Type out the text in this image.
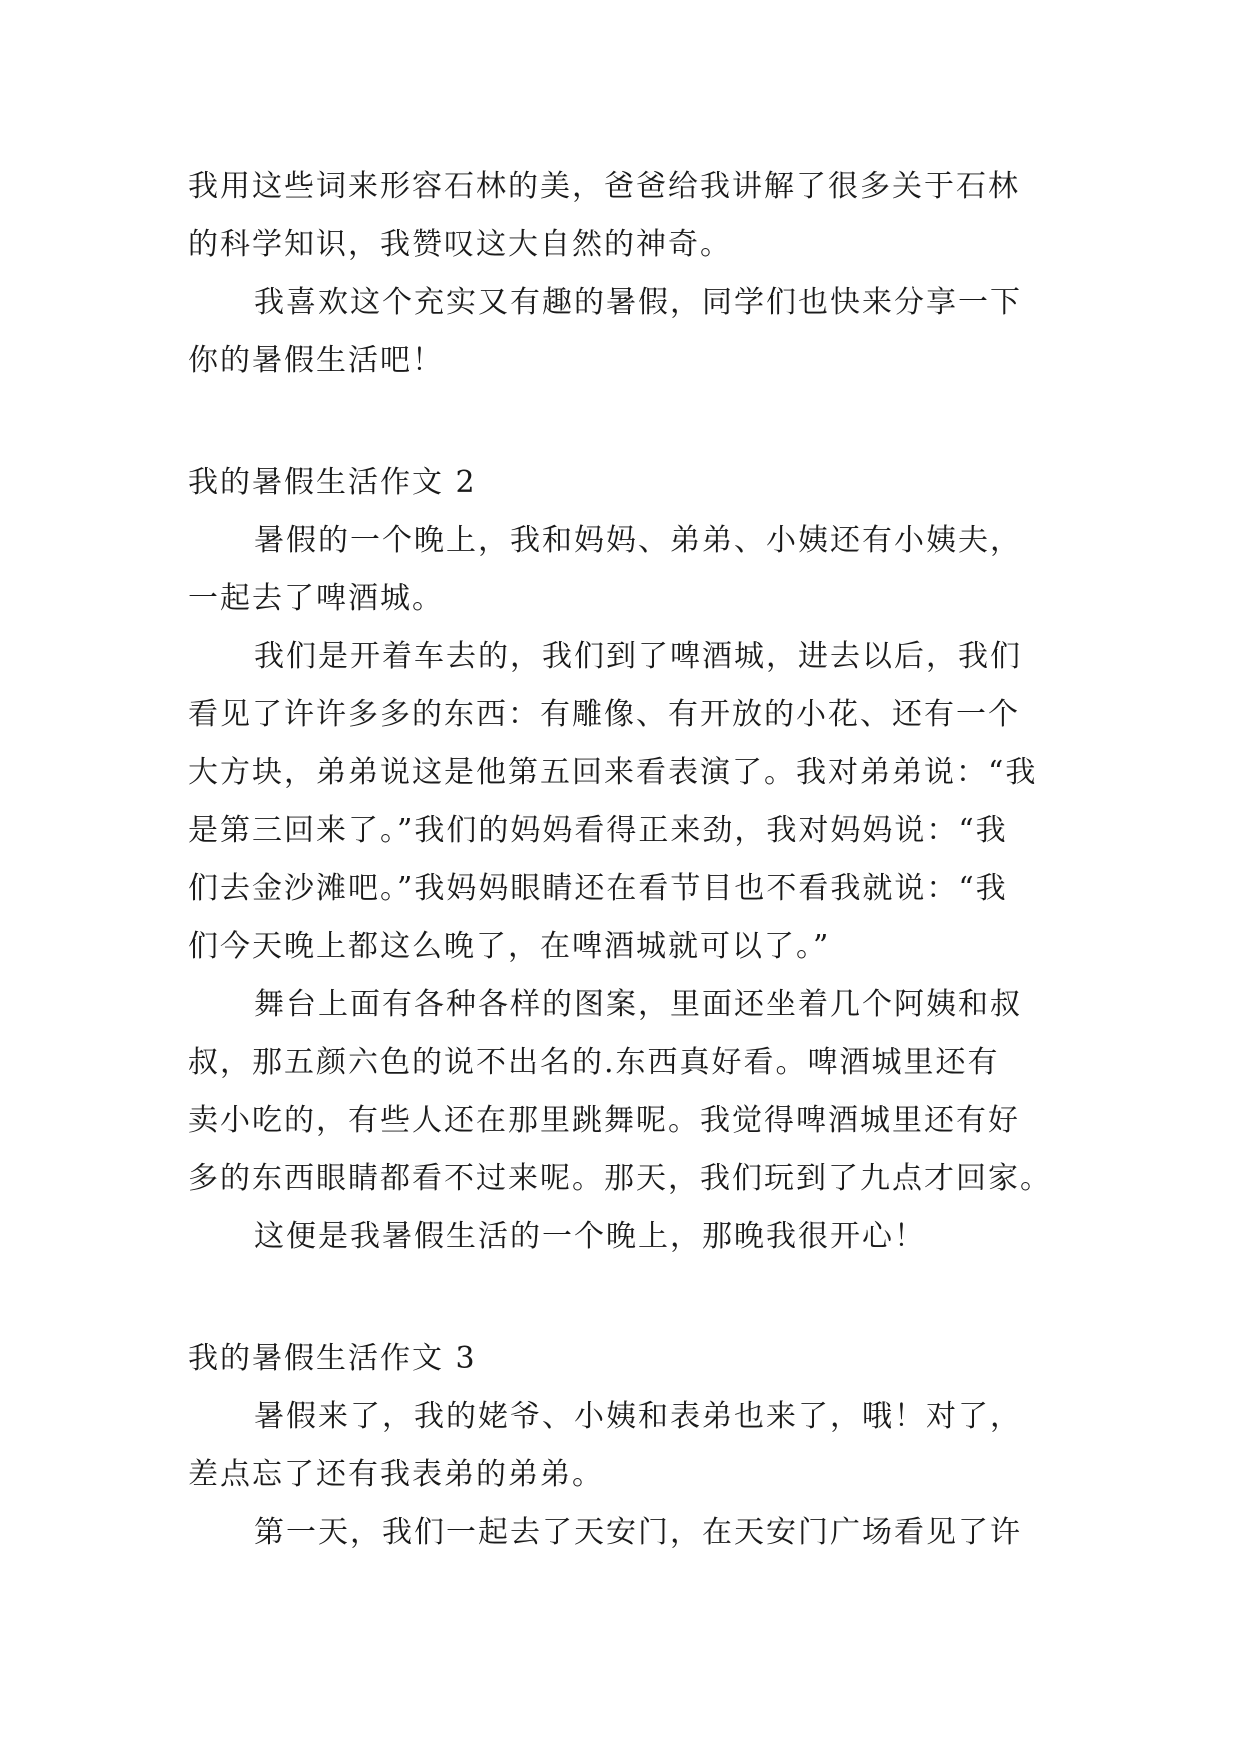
我用这些词来形容石林的美，爸爸给我讲解了很多关于石林
的科学知识，我赞叹这大自然的神奇。
我喜欢这个充实又有趣的暑假，同学们也快来分享一下
你的暑假生活吧！
我的暑假生活作文 2
暑假的一个晚上，我和妈妈、弟弟、小姨还有小姨夫，
一起去了啤酒城。
我们是开着车去的，我们到了啤酒城，进去以后，我们
看见了许许多多的东西：有雕像、有开放的小花、还有一个
大方块，弟弟说这是他第五回来看表演了。我对弟弟说：“我
是第三回来了。”我们的妈妈看得正来劲，我对妈妈说：“我
们去金沙滩吧。”我妈妈眼睛还在看节目也不看我就说：“我
们今天晚上都这么晚了，在啤酒城就可以了。”
舞台上面有各种各样的图案，里面还坐着几个阿姨和叔
叔，那五颜六色的说不出名的.东西真好看。啤酒城里还有
卖小吃的，有些人还在那里跳舞呢。我觉得啤酒城里还有好
多的东西眼睛都看不过来呢。那天，我们玩到了九点才回家。
这便是我暑假生活的一个晚上，那晚我很开心！
我的暑假生活作文 3
暑假来了，我的姥爷、小姨和表弟也来了，哦！对了，
差点忘了还有我表弟的弟弟。
第一天，我们一起去了天安门，在天安门广场看见了许
